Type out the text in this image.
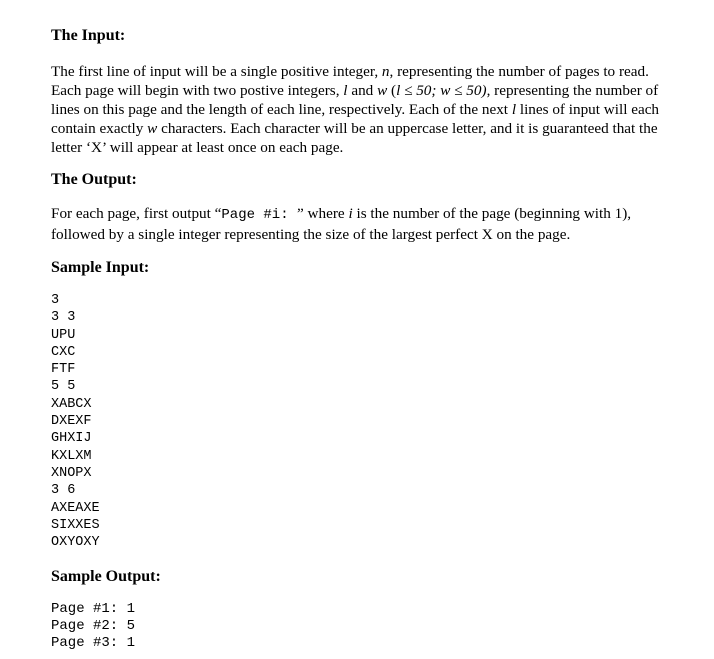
The Input:

The first line of input will be a single positive integer, n, representing the number of pages to read. Each page will begin with two postive integers, l and w (l ≤ 50; w ≤ 50), representing the number of lines on this page and the length of each line, respectively. Each of the next l lines of input will each contain exactly w characters. Each character will be an uppercase letter, and it is guaranteed that the letter ‘X’ will appear at least once on each page.

The Output:

For each page, first output “Page #i: ” where i is the number of the page (beginning with 1), followed by a single integer representing the size of the largest perfect X on the page.

Sample Input:
3
3 3
UPU
CXC
FTF
5 5
XABCX
DXEXF
GHXIJ
KXLXM
XNOPX
3 6
AXEAXE
SIXXES
OXYOXY
Sample Output:
Page #1: 1
Page #2: 5
Page #3: 1
